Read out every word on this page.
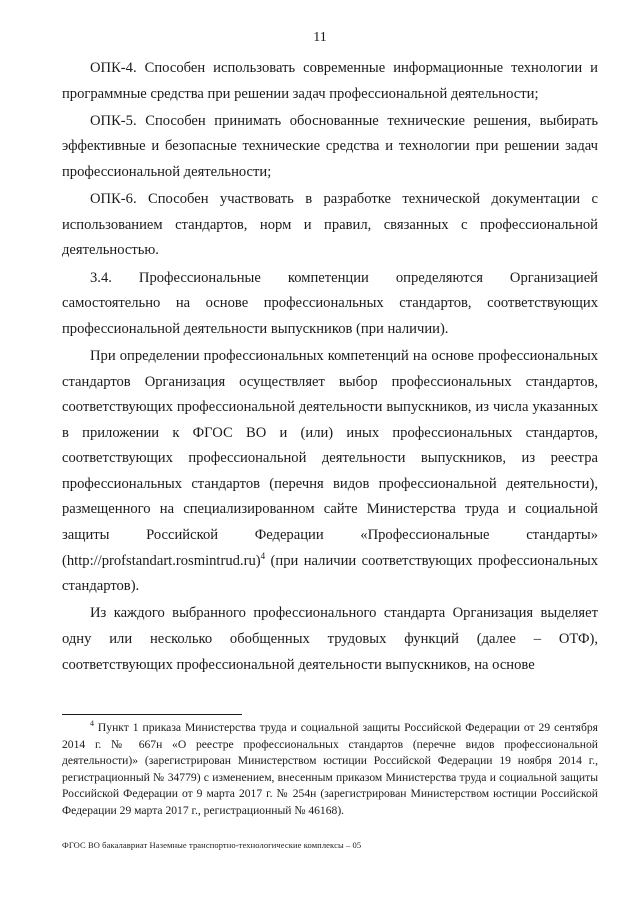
11

ОПК-4. Способен использовать современные информационные технологии и программные средства при решении задач профессиональной деятельности;

ОПК-5. Способен принимать обоснованные технические решения, выбирать эффективные и безопасные технические средства и технологии при решении задач профессиональной деятельности;

ОПК-6. Способен участвовать в разработке технической документации с использованием стандартов, норм и правил, связанных с профессиональной деятельностью.

3.4. Профессиональные компетенции определяются Организацией самостоятельно на основе профессиональных стандартов, соответствующих профессиональной деятельности выпускников (при наличии).

При определении профессиональных компетенций на основе профессиональных стандартов Организация осуществляет выбор профессиональных стандартов, соответствующих профессиональной деятельности выпускников, из числа указанных в приложении к ФГОС ВО и (или) иных профессиональных стандартов, соответствующих профессиональной деятельности выпускников, из реестра профессиональных стандартов (перечня видов профессиональной деятельности), размещенного на специализированном сайте Министерства труда и социальной защиты Российской Федерации «Профессиональные стандарты» (http://profstandart.rosmintrud.ru)$^4$ (при наличии соответствующих профессиональных стандартов).

Из каждого выбранного профессионального стандарта Организация выделяет одну или несколько обобщенных трудовых функций (далее – ОТФ), соответствующих профессиональной деятельности выпускников, на основе

$^4$ Пункт 1 приказа Министерства труда и социальной защиты Российской Федерации от 29 сентября 2014 г. № 667н «О реестре профессиональных стандартов (перечне видов профессиональной деятельности)» (зарегистрирован Министерством юстиции Российской Федерации 19 ноября 2014 г., регистрационный № 34779) с изменением, внесенным приказом Министерства труда и социальной защиты Российской Федерации от 9 марта 2017 г. № 254н (зарегистрирован Министерством юстиции Российской Федерации 29 марта 2017 г., регистрационный № 46168).
ФГОС ВО бакалавриат Наземные транспортно-технологические комплексы – 05
